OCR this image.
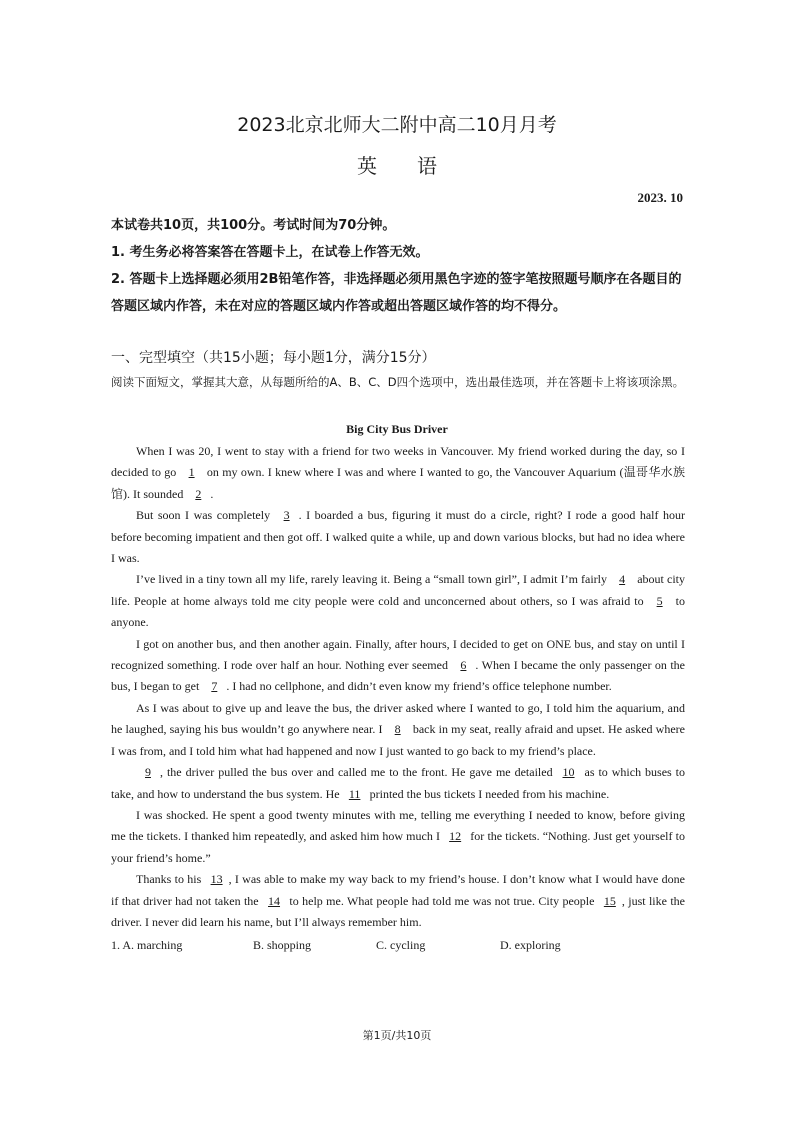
2023北京北师大二附中高二10月月考
英语
2023. 10

本试卷共10页，共100分。考试时间为70分钟。

1. 考生务必将答案答在答题卡上，在试卷上作答无效。

2. 答题卡上选择题必须用2B铅笔作答，非选择题必须用黑色字迹的签字笔按照题号顺序在各题目的答题区域内作答，未在对应的答题区域内作答或超出答题区域作答的均不得分。

一、完型填空（共15小题；每小题1分，满分15分）
阅读下面短文，掌握其大意，从每题所给的A、B、C、D四个选项中，选出最佳选项，并在答题卡上将该项涂黑。
Big City Bus Driver

When I was 20, I went to stay with a friend for two weeks in Vancouver. My friend worked during the day, so I decided to go 1 on my own. I knew where I was and where I wanted to go, the Vancouver Aquarium (温哥华水族馆). It sounded 2 .

But soon I was completely 3 . I boarded a bus, figuring it must do a circle, right? I rode a good half hour before becoming impatient and then got off. I walked quite a while, up and down various blocks, but had no idea where I was.

I’ve lived in a tiny town all my life, rarely leaving it. Being a “small town girl”, I admit I’m fairly 4 about city life. People at home always told me city people were cold and unconcerned about others, so I was afraid to 5 to anyone.

I got on another bus, and then another again. Finally, after hours, I decided to get on ONE bus, and stay on until I recognized something. I rode over half an hour. Nothing ever seemed 6 . When I became the only passenger on the bus, I began to get 7 . I had no cellphone, and didn’t even know my friend’s office telephone number.

As I was about to give up and leave the bus, the driver asked where I wanted to go, I told him the aquarium, and he laughed, saying his bus wouldn’t go anywhere near. I 8 back in my seat, really afraid and upset. He asked where I was from, and I told him what had happened and now I just wanted to go back to my friend’s place.

9 , the driver pulled the bus over and called me to the front. He gave me detailed 10 as to which buses to take, and how to understand the bus system. He 11 printed the bus tickets I needed from his machine.

I was shocked. He spent a good twenty minutes with me, telling me everything I needed to know, before giving me the tickets. I thanked him repeatedly, and asked him how much I 12 for the tickets. “Nothing. Just get yourself to your friend’s home.”

Thanks to his 13 , I was able to make my way back to my friend’s house. I don’t know what I would have done if that driver had not taken the 14 to help me. What people had told me was not true. City people 15 , just like the driver. I never did learn his name, but I’ll always remember him.

1. A. marching	B. shopping	C. cycling	D. exploring
第1页/共10页
